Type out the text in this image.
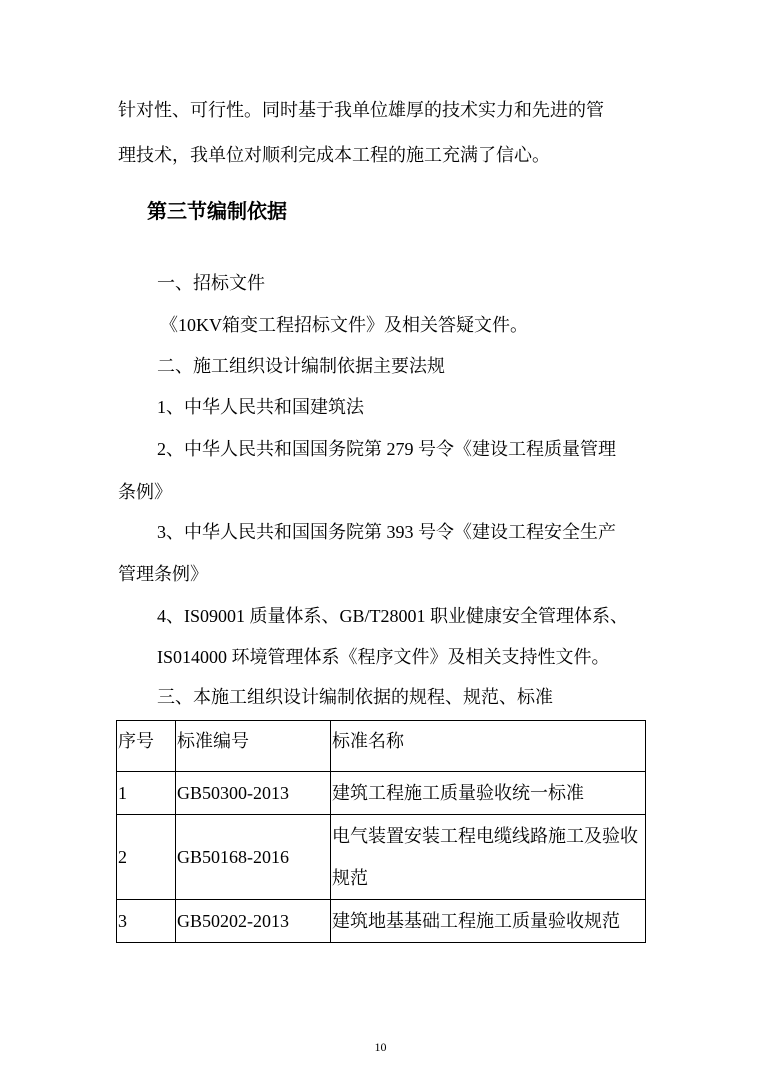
针对性、可行性。同时基于我单位雄厚的技术实力和先进的管
理技术，我单位对顺利完成本工程的施工充满了信心。
第三节编制依据
一、招标文件
《10KV箱变工程招标文件》及相关答疑文件。
二、施工组织设计编制依据主要法规
1、中华人民共和国建筑法
2、中华人民共和国国务院第 279 号令《建设工程质量管理
条例》
3、中华人民共和国国务院第 393 号令《建设工程安全生产
管理条例》
4、IS09001 质量体系、GB/T28001 职业健康安全管理体系、
IS014000 环境管理体系《程序文件》及相关支持性文件。
三、本施工组织设计编制依据的规程、规范、标准
序号	标准编号	标准名称
1	GB50300-2013	建筑工程施工质量验收统一标准
2	GB50168-2016	电气装置安装工程电缆线路施工及验收规范
3	GB50202-2013	建筑地基基础工程施工质量验收规范
10
